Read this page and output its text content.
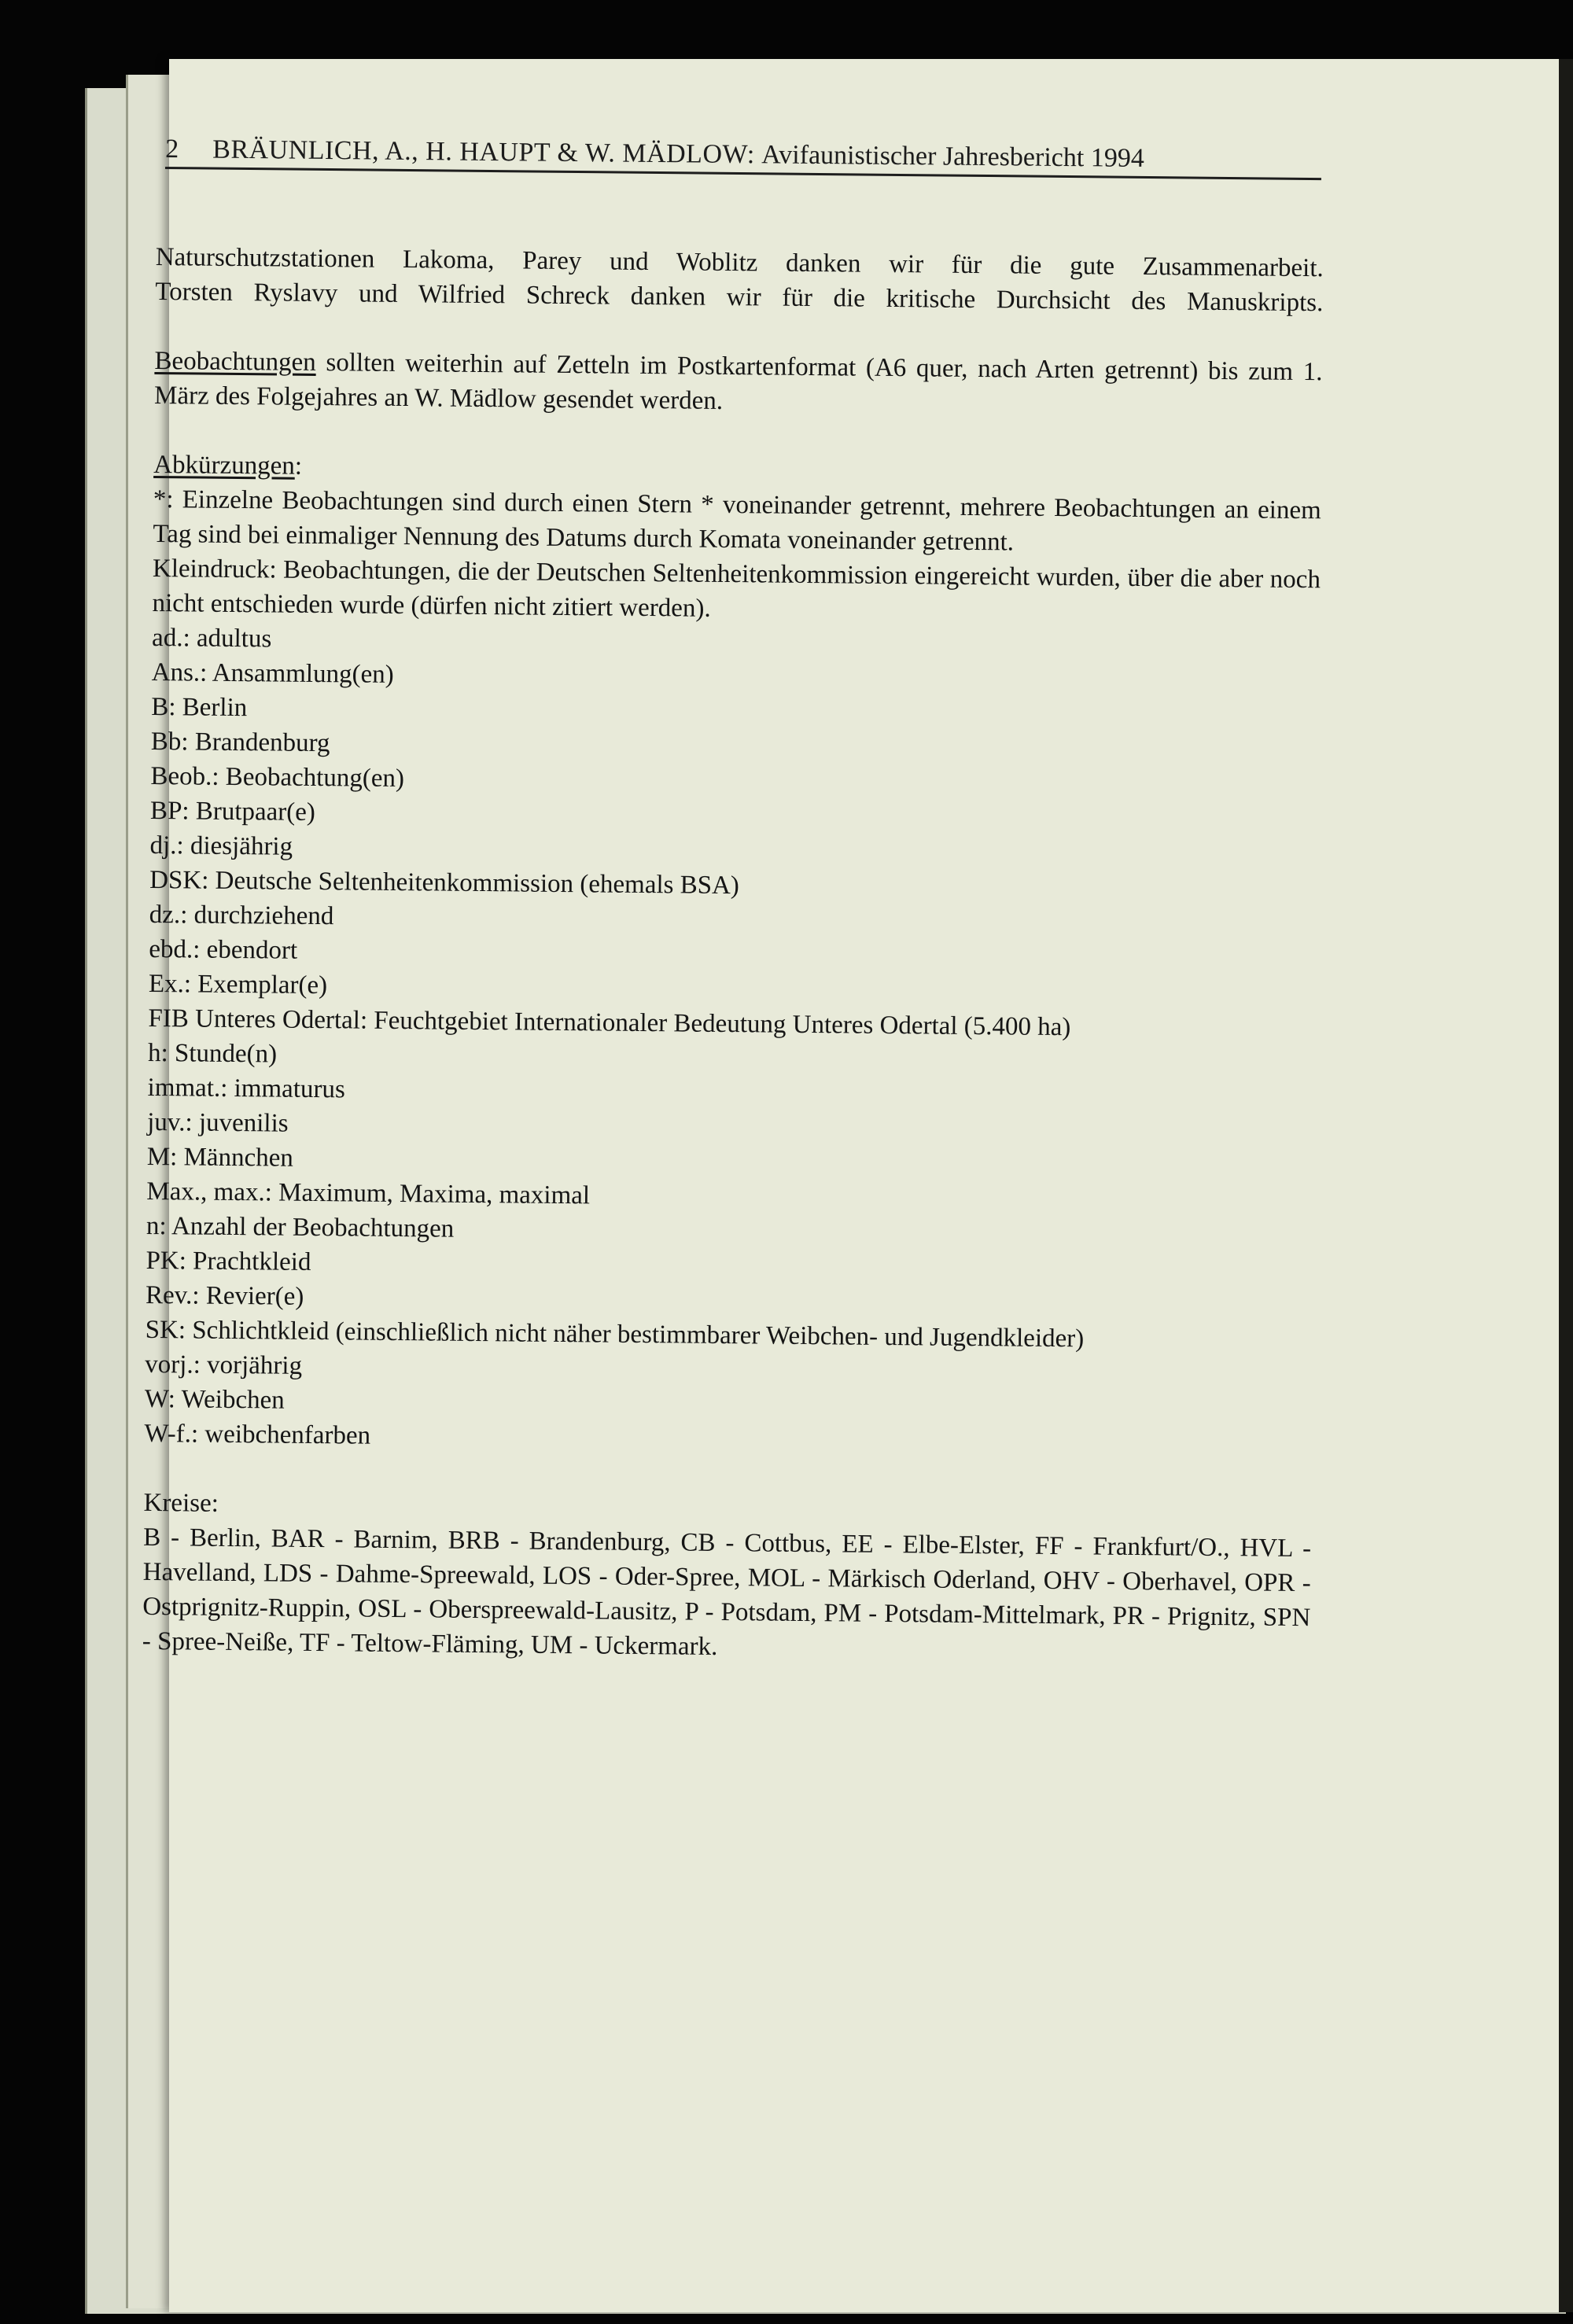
2	BRÄUNLICH, A., H. HAUPT & W. MÄDLOW:
Avifaunistischer Jahresbericht 1994

Naturschutzstationen Lakoma, Parey und Woblitz danken wir für die gute Zusammenarbeit.

Torsten Ryslavy und Wilfried Schreck danken wir für die kritische Durchsicht des Manuskripts.

Beobachtungen sollten weiterhin auf Zetteln im Postkartenformat (A6 quer, nach Arten getrennt) bis zum 1. März des Folgejahres an W. Mädlow gesendet werden.

Abkürzungen:

*: Einzelne Beobachtungen sind durch einen Stern * voneinander getrennt, mehrere Beobachtungen an einem Tag sind bei einmaliger Nennung des Datums durch Komata voneinander getrennt.

Kleindruck: Beobachtungen, die der Deutschen Seltenheitenkommission eingereicht wurden, über die aber noch nicht entschieden wurde (dürfen nicht zitiert werden).

ad.: adultus
Ans.: Ansammlung(en)
B: Berlin
Bb: Brandenburg
Beob.: Beobachtung(en)
BP: Brutpaar(e)
dj.: diesjährig
DSK: Deutsche Seltenheitenkommission (ehemals BSA)
dz.: durchziehend
ebd.: ebendort
Ex.: Exemplar(e)
FIB Unteres Odertal: Feuchtgebiet Internationaler Bedeutung Unteres Odertal (5.400 ha)
h: Stunde(n)
immat.: immaturus
juv.: juvenilis
M: Männchen
Max., max.: Maximum, Maxima, maximal
n: Anzahl der Beobachtungen
PK: Prachtkleid
Rev.: Revier(e)
SK: Schlichtkleid (einschließlich nicht näher bestimmbarer Weibchen- und Jugendkleider)
vorj.: vorjährig
W: Weibchen
W-f.: weibchenfarben

Kreise:

B - Berlin, BAR - Barnim, BRB - Brandenburg, CB - Cottbus, EE - Elbe-Elster, FF - Frankfurt/O., HVL - Havelland, LDS - Dahme-Spreewald, LOS - Oder-Spree, MOL - Märkisch Oderland, OHV - Oberhavel, OPR - Ostprignitz-Ruppin, OSL - Oberspreewald-Lausitz, P - Potsdam, PM - Potsdam-Mittelmark, PR - Prignitz, SPN - Spree-Neiße, TF - Teltow-Fläming, UM - Uckermark.
